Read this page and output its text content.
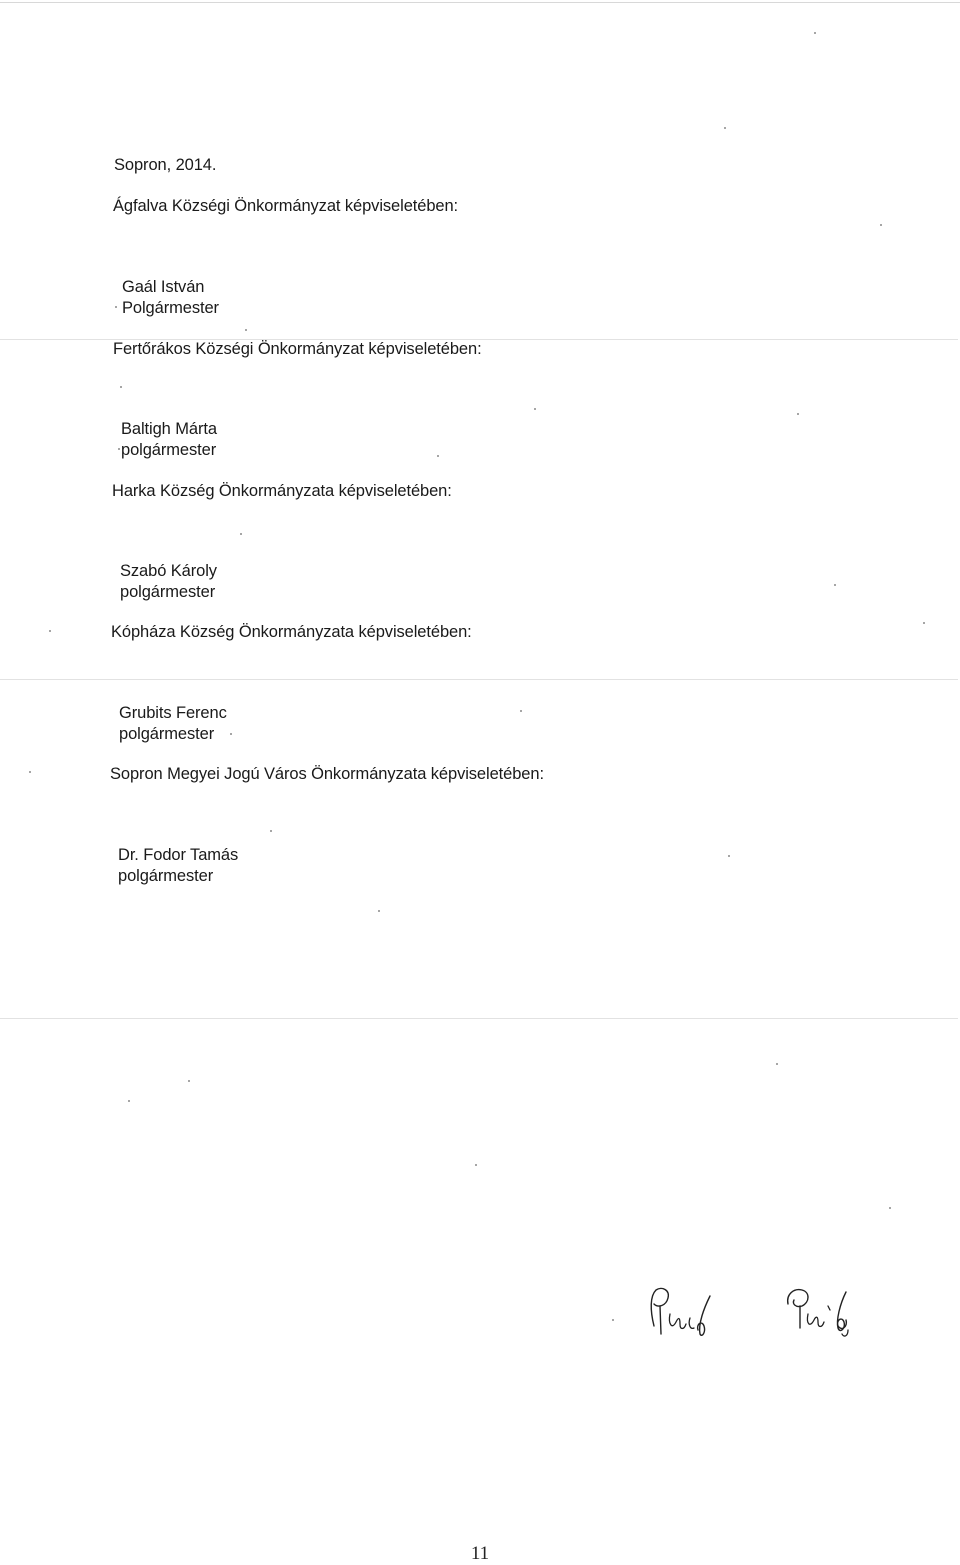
Sopron, 2014.
Ágfalva Községi Önkormányzat képviseletében:
Gaál István
Polgármester
Fertőrákos Községi Önkormányzat képviseletében:
Baltigh Márta
polgármester
Harka Község Önkormányzata képviseletében:
Szabó Károly
polgármester
Kópháza Község Önkormányzata képviseletében:
Grubits Ferenc
polgármester
Sopron Megyei Jogú Város Önkormányzata képviseletében:
Dr. Fodor Tamás
polgármester
11
